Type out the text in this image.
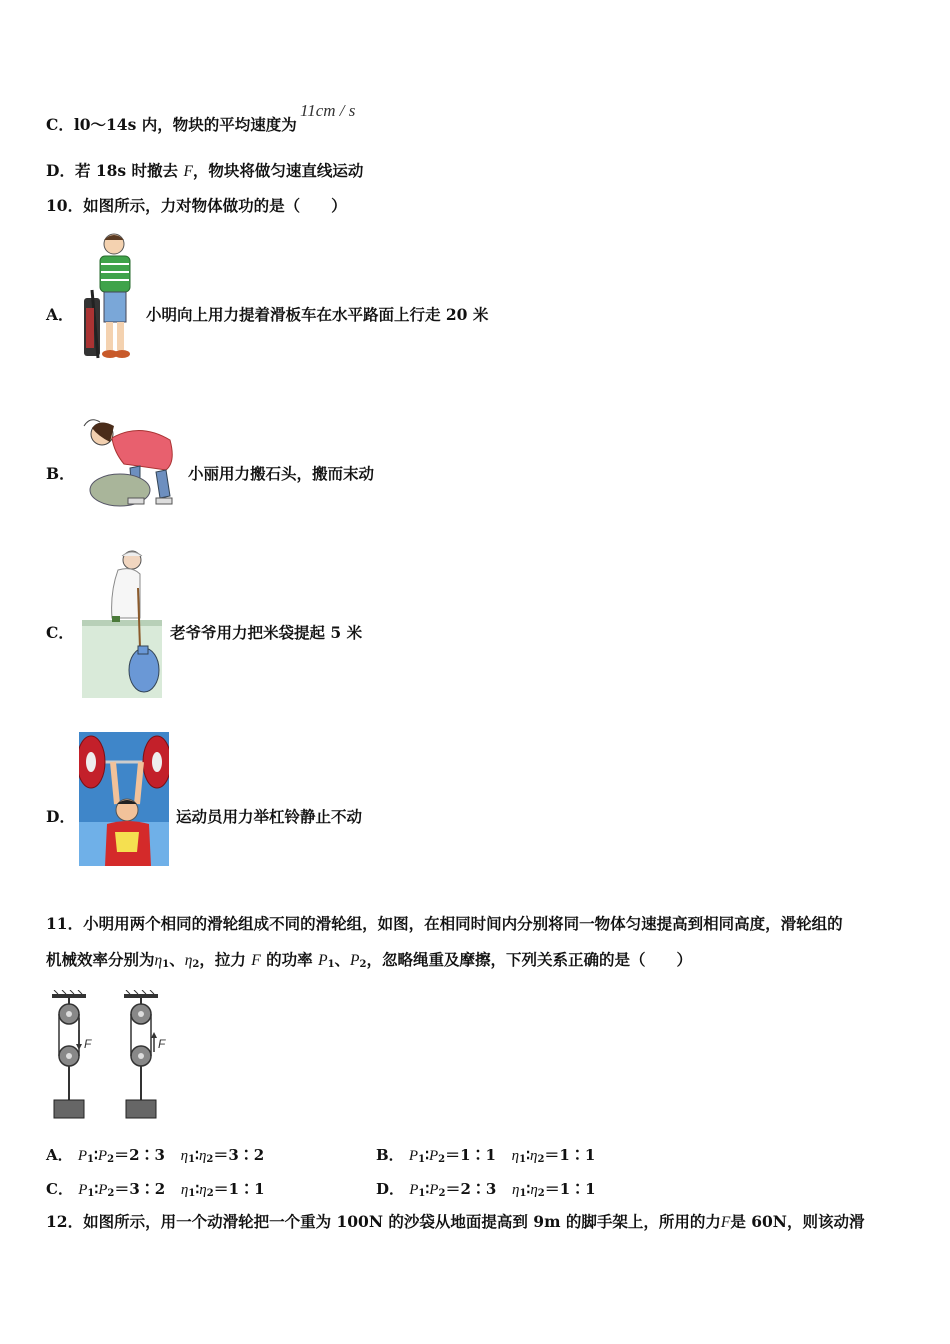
C．l0～14s 内，物块的平均速度为
11cm / s
D．若 18s 时撤去 F，物块将做匀速直线运动
10．如图所示，力对物体做功的是（　　）
A．	小明向上用力提着滑板车在水平路面上行走 20 米
B．	小丽用力搬石头，搬而末动
C．	老爷爷用力把米袋提起 5 米
D．	运动员用力举杠铃静止不动
11．小明用两个相同的滑轮组成不同的滑轮组，如图，在相同时间内分别将同一物体匀速提高到相同高度，滑轮组的
机械效率分别为$\eta_1$、$\eta_2$，拉力 F 的功率 $P_1$、$P_2$，忽略绳重及摩擦，下列关系正确的是（　　）
F	F
A． $P_1∶P_2=2∶3$ $\eta_1∶\eta_2=3∶2$	B． $P_1∶P_2=1∶1$ $\eta_1∶\eta_2=1∶1$
C． $P_1∶P_2=3∶2$ $\eta_1∶\eta_2=1∶1$	D． $P_1∶P_2=2∶3$ $\eta_1∶\eta_2=1∶1$
12．如图所示，用一个动滑轮把一个重为 100N 的沙袋从地面提高到 9m 的脚手架上，所用的力F是 60N，则该动滑
